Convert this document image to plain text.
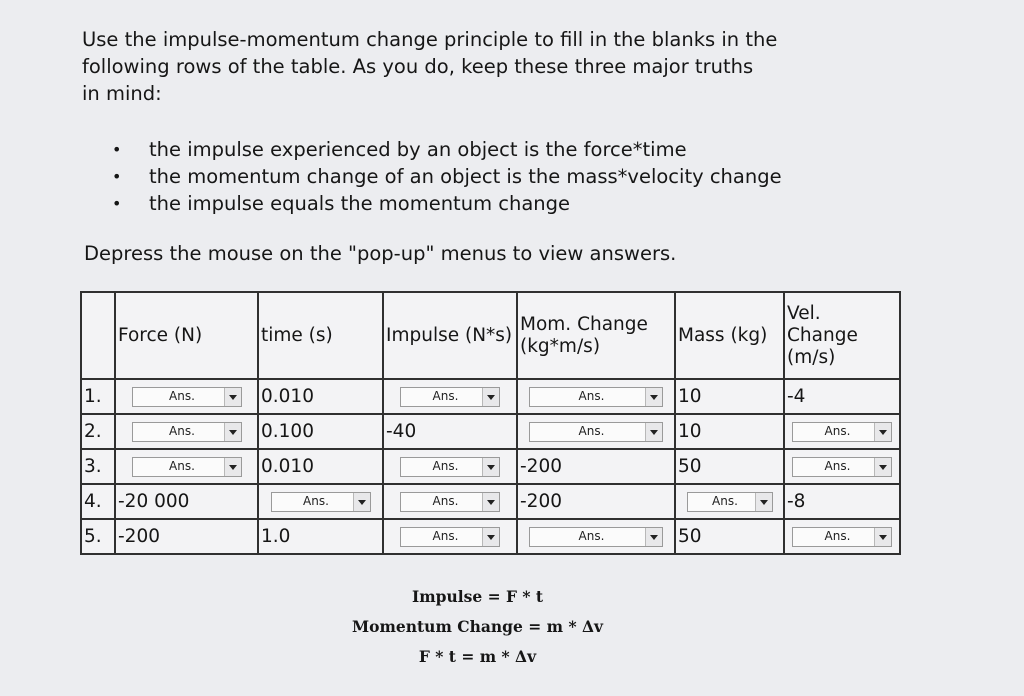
Use the impulse-momentum change principle to fill in the blanks in the
following rows of the table. As you do, keep these three major truths
in mind:
• the impulse experienced by an object is the force*time
• the momentum change of an object is the mass*velocity change
• the impulse equals the momentum change

Depress the mouse on the "pop-up" menus to view answers.

	Force (N)	time (s)	Impulse (N*s)	Mom. Change (kg*m/s)	Mass (kg)	Vel. Change (m/s)
1.	Ans.	0.010	Ans.	Ans.	10	-4
2.	Ans.	0.100	-40	Ans.	10	Ans.

3.	Ans.	0.010	Ans.	-200	50	Ans.

4.	-20 000	Ans.	Ans.	-200	Ans.	-8
5.	-200	1.0	Ans.	Ans.	50	Ans.
Impulse = F * t
Momentum Change = m * Δv
F * t = m * Δv
